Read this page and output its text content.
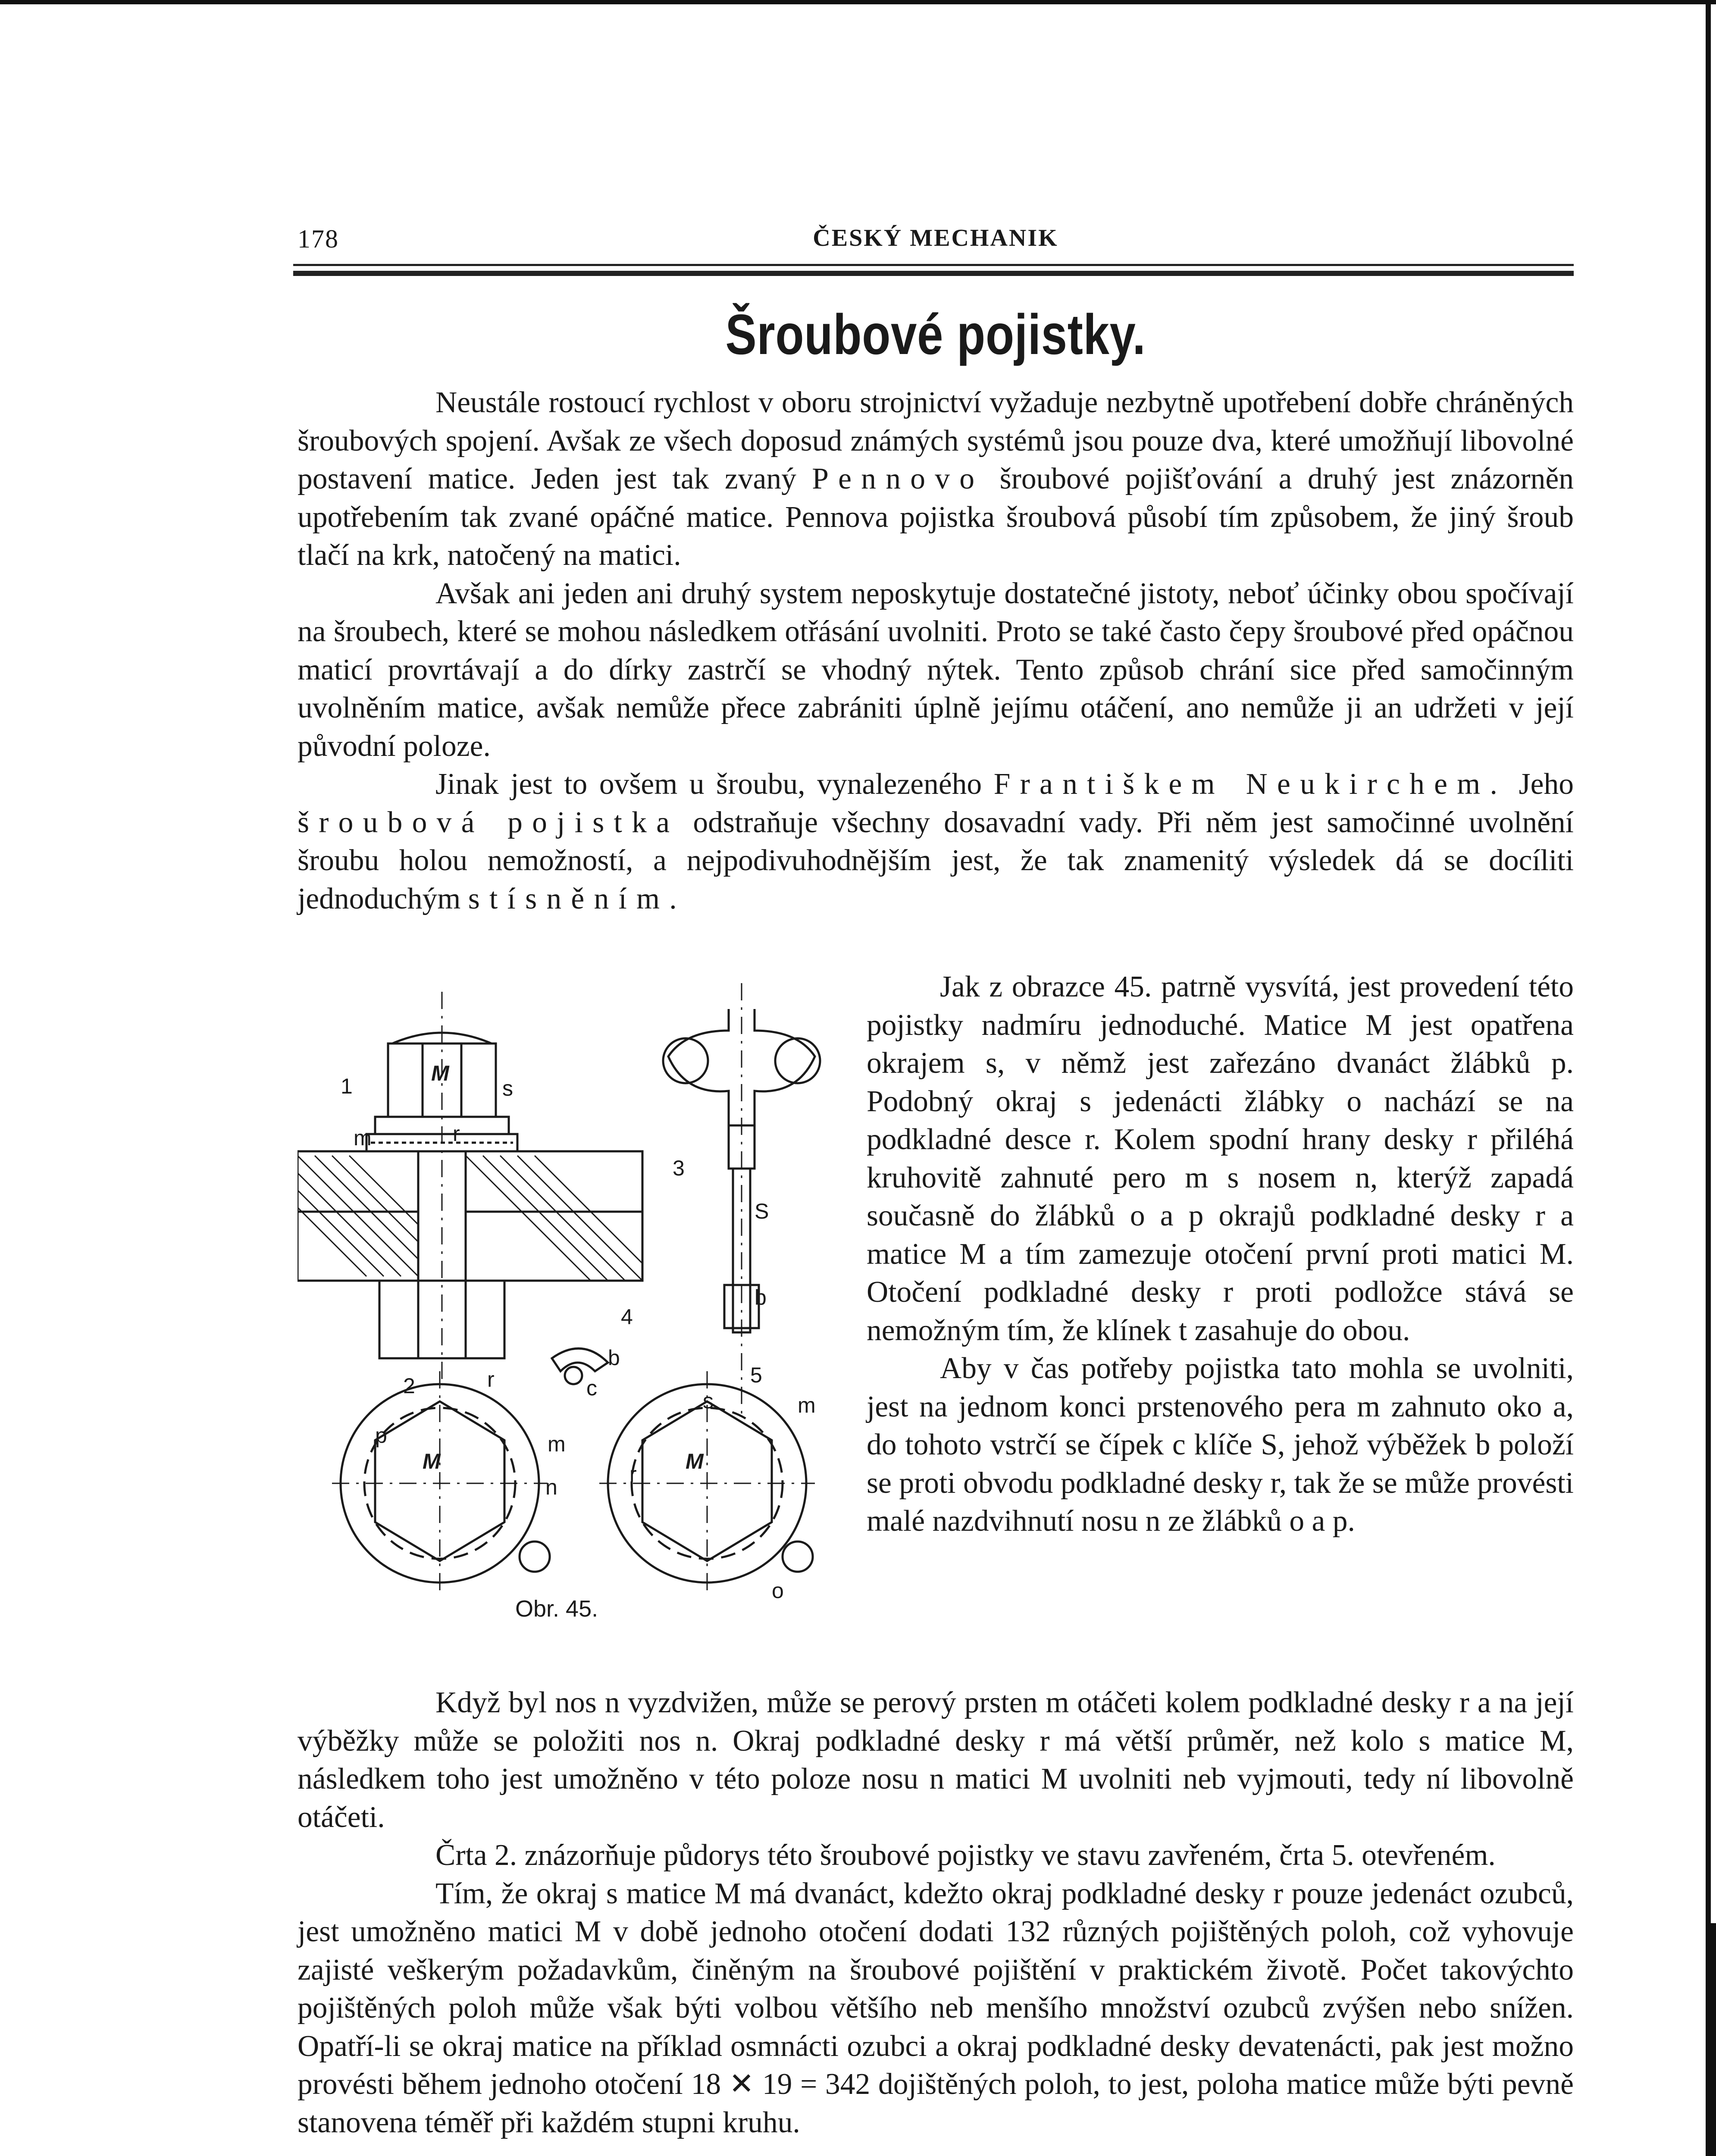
178	ČESKÝ MECHANIK
Šroubové pojistky.

Neustále rostoucí rychlost v oboru strojnictví vyžaduje nezbytně upotřebení dobře chráněných šroubových spojení. Avšak ze všech doposud známých systémů jsou pouze dva, které umožňují libovolné postavení matice. Jeden jest tak zvaný Pennovo šroubové pojišťování a druhý jest znázorněn upotřebením tak zvané opáčné matice. Pennova pojistka šroubová působí tím způsobem, že jiný šroub tlačí na krk, natočený na matici.

Avšak ani jeden ani druhý system neposkytuje dostatečné jistoty, neboť účinky obou spočívají na šroubech, které se mohou následkem otřásání uvolniti. Proto se také často čepy šroubové před opáčnou maticí provrtávají a do dírky zastrčí se vhodný nýtek. Tento způsob chrání sice před samočinným uvolněním matice, avšak nemůže přece zabrániti úplně jejímu otáčení, ano nemůže ji an udržeti v její původní poloze.

Jinak jest to ovšem u šroubu, vynalezeného Františkem Neukirchem. Jeho šroubová pojistka odstraňuje všechny dosavadní vady. Při něm jest samočinné uvolnění šroubu holou nemožností, a nejpodivuhodnějším jest, že tak znamenitý výsledek dá se docíliti jednoduchým stísněním.

1
M
s
m	r
3
S
b
4
b
c
5
2	r
p
M
m
n
s	m
r
M
o
Obr. 45.

Jak z obrazce 45. patrně vysvítá, jest provedení této pojistky nadmíru jednoduché. Matice M jest opatřena okrajem s, v němž jest zařezáno dvanáct žlábků p. Podobný okraj s jedenácti žlábky o nachází se na podkladné desce r. Kolem spodní hrany desky r přiléhá kruhovitě zahnuté pero m s nosem n, kterýž zapadá současně do žlábků o a p okrajů podkladné desky r a matice M a tím zamezuje otočení první proti matici M. Otočení podkladné desky r proti podložce stává se nemožným tím, že klínek t zasahuje do obou.

Aby v čas potřeby pojistka tato mohla se uvolniti, jest na jednom konci prstenového pera m zahnuto oko a, do tohoto vstrčí se čípek c klíče S, jehož výběžek b položí se proti obvodu podkladné desky r, tak že se může provésti malé nazdvihnutí nosu n ze žlábků o a p.

Když byl nos n vyzdvižen, může se perový prsten m otáčeti kolem podkladné desky r a na její výběžky může se položiti nos n. Okraj podkladné desky r má větší průměr, než kolo s matice M, následkem toho jest umožněno v této poloze nosu n matici M uvolniti neb vyjmouti, tedy ní libovolně otáčeti.

Črta 2. znázorňuje půdorys této šroubové pojistky ve stavu zavřeném, črta 5. otevřeném.

Tím, že okraj s matice M má dvanáct, kdežto okraj podkladné desky r pouze jedenáct ozubců, jest umožněno matici M v době jednoho otočení dodati 132 různých pojištěných poloh, což vyhovuje zajisté veškerým požadavkům, činěným na šroubové pojištění v praktickém životě. Počet takovýchto pojištěných poloh může však býti volbou většího neb menšího množství ozubců zvýšen nebo snížen. Opatří-li se okraj matice na příklad osmnácti ozubci a okraj podkladné desky devatenácti, pak jest možno provésti během jednoho otočení 18 ✕ 19 = 342 dojištěných poloh, to jest, poloha matice může býti pevně stanovena téměř při každém stupni kruhu.
